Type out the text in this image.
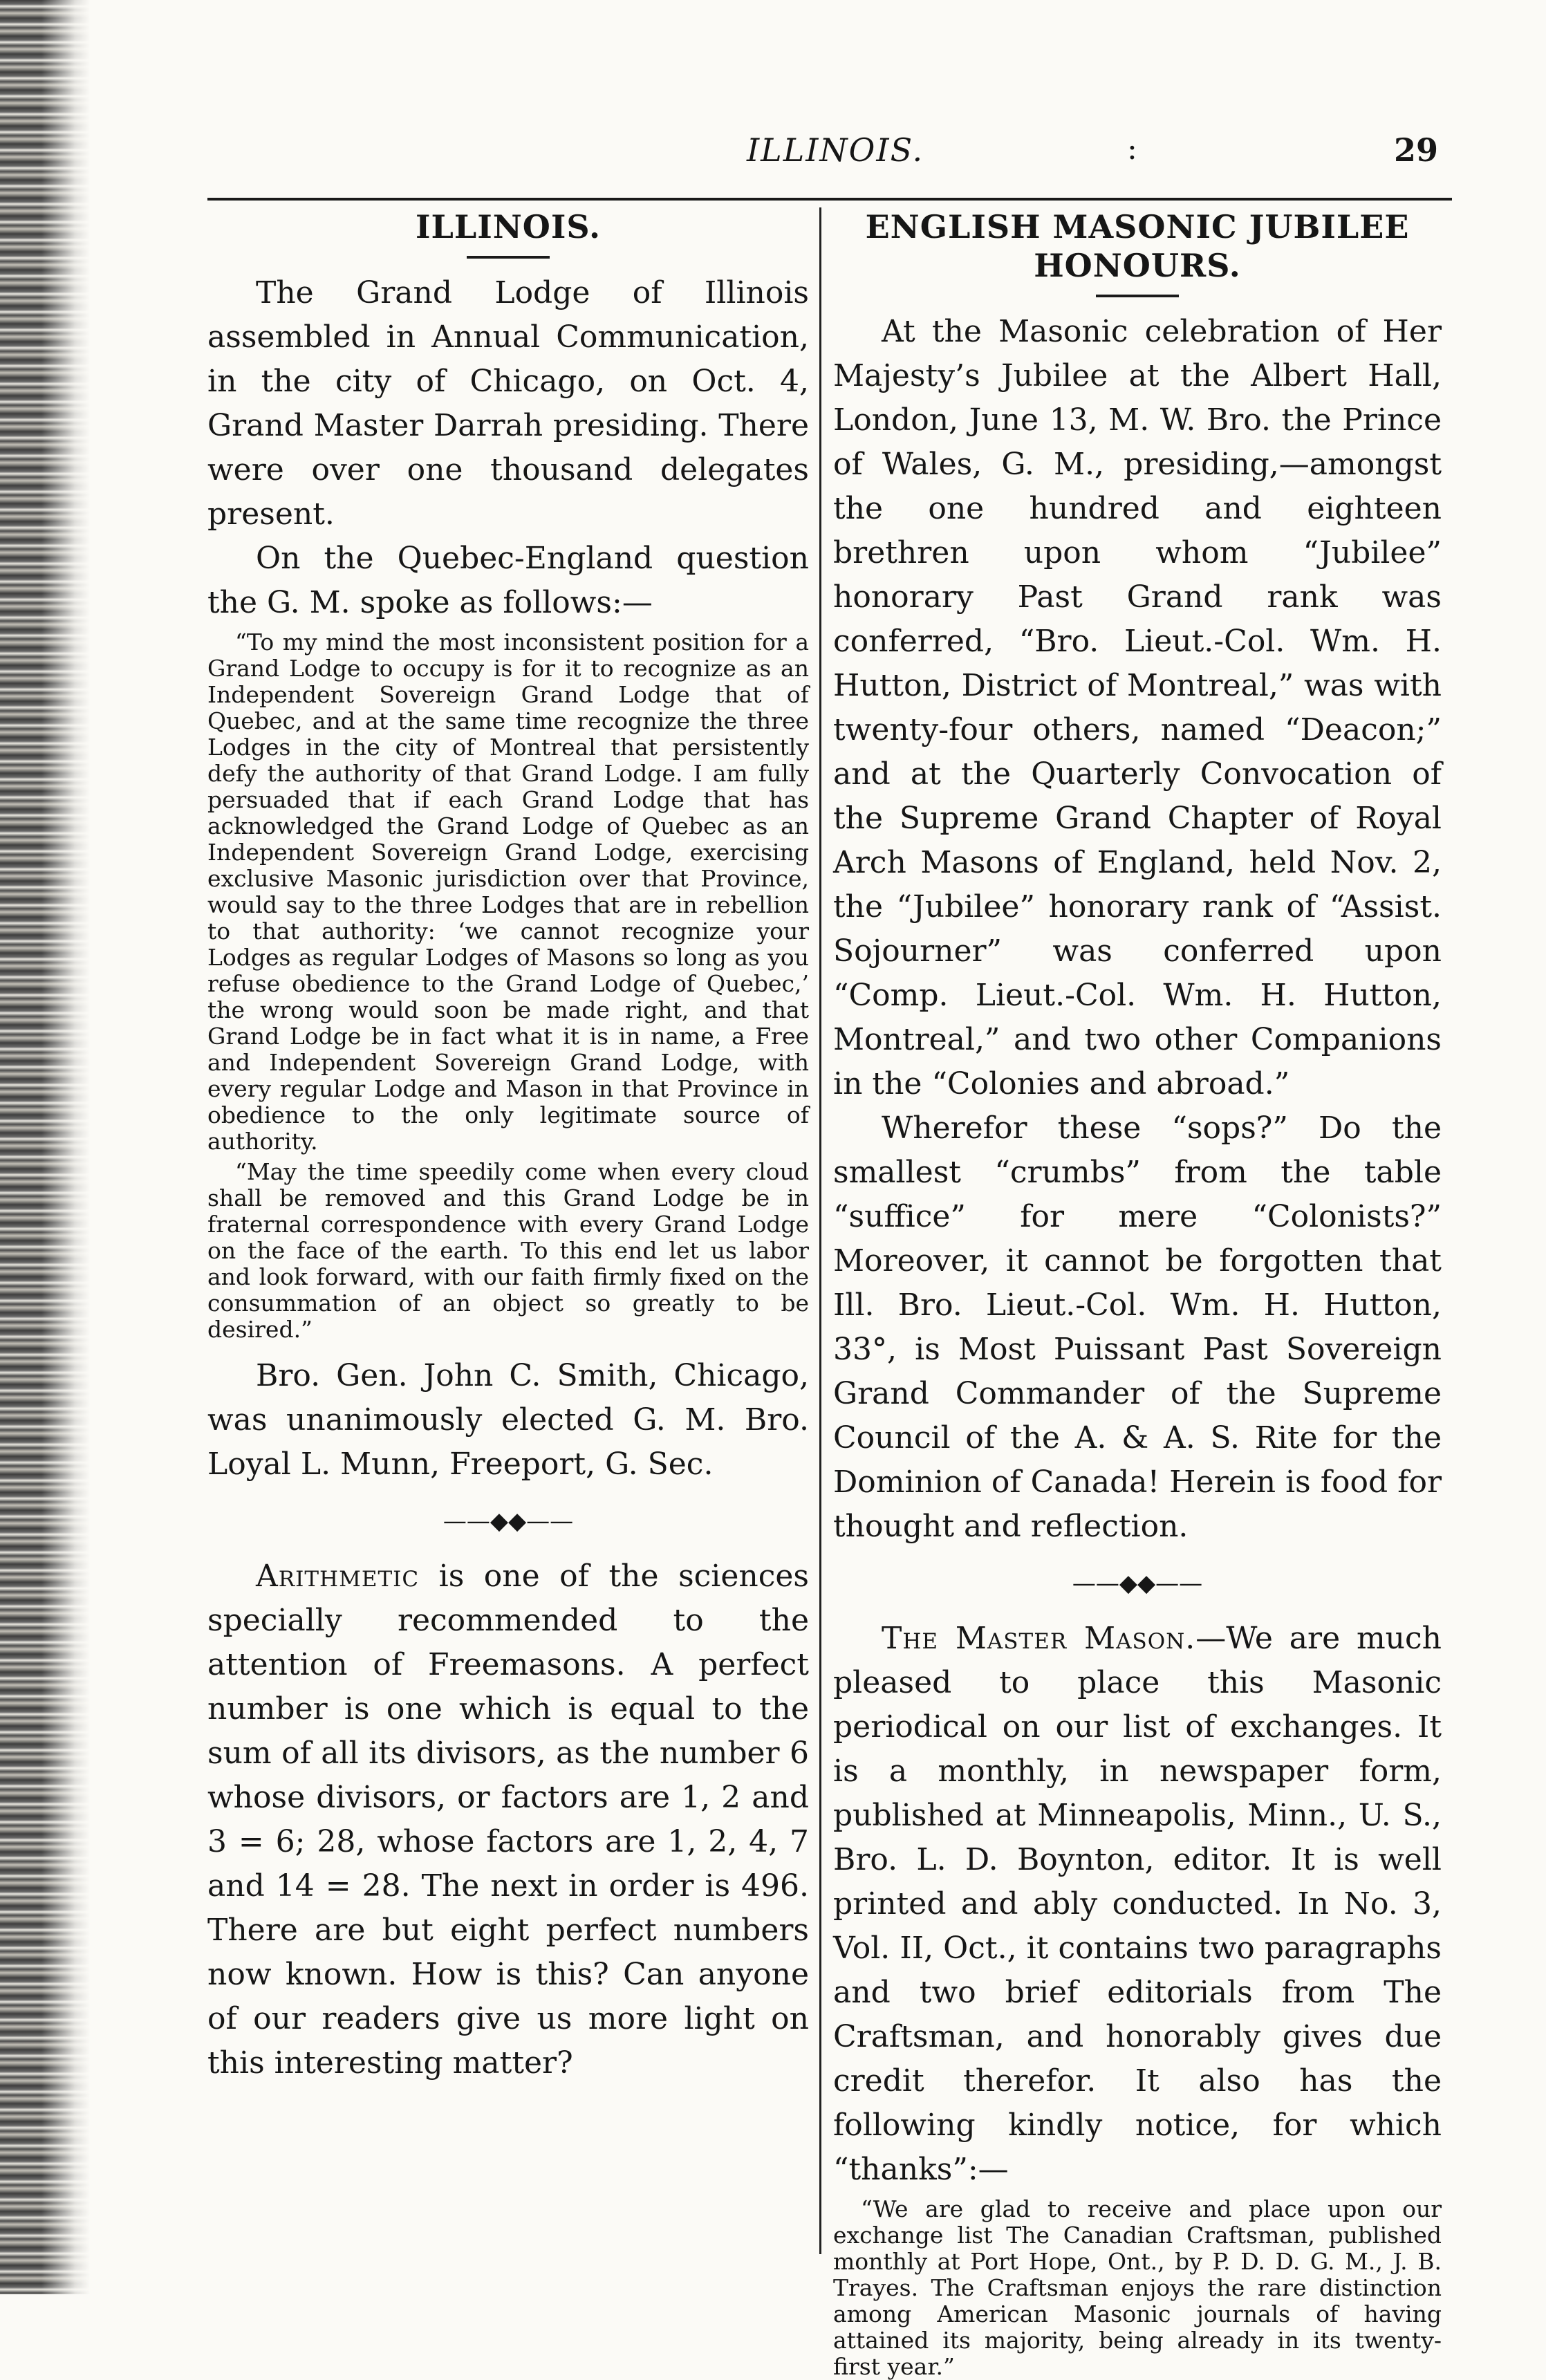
ILLINOIS.	:	29
ILLINOIS.

The Grand Lodge of Illinois assembled in Annual Communication, in the city of Chicago, on Oct. 4, Grand Master Darrah presiding. There were over one thousand delegates present.

On the Quebec-England question the G. M. spoke as follows:—

“To my mind the most inconsistent position for a Grand Lodge to occupy is for it to recognize as an Independent Sovereign Grand Lodge that of Quebec, and at the same time recognize the three Lodges in the city of Montreal that persistently defy the authority of that Grand Lodge. I am fully persuaded that if each Grand Lodge that has acknowledged the Grand Lodge of Quebec as an Independent Sovereign Grand Lodge, exercising exclusive Masonic jurisdiction over that Province, would say to the three Lodges that are in rebellion to that authority: ‘we cannot recognize your Lodges as regular Lodges of Masons so long as you refuse obedience to the Grand Lodge of Quebec,’ the wrong would soon be made right, and that Grand Lodge be in fact what it is in name, a Free and Independent Sovereign Grand Lodge, with every regular Lodge and Mason in that Province in obedience to the only legitimate source of authority.

“May the time speedily come when every cloud shall be removed and this Grand Lodge be in fraternal correspondence with every Grand Lodge on the face of the earth. To this end let us labor and look forward, with our faith firmly fixed on the consummation of an object so greatly to be desired.”

Bro. Gen. John C. Smith, Chicago, was unanimously elected G. M. Bro. Loyal L. Munn, Freeport, G. Sec.

——◆◆——

Arithmetic is one of the sciences specially recommended to the attention of Freemasons. A perfect number is one which is equal to the sum of all its divisors, as the number 6 whose divisors, or factors are 1, 2 and 3 = 6; 28, whose factors are 1, 2, 4, 7 and 14 = 28. The next in order is 496. There are but eight perfect numbers now known. How is this? Can anyone of our readers give us more light on this interesting matter?

ENGLISH MASONIC JUBILEE HONOURS.

At the Masonic celebration of Her Majesty’s Jubilee at the Albert Hall, London, June 13, M. W. Bro. the Prince of Wales, G. M., presiding,—amongst the one hundred and eighteen brethren upon whom “Jubilee” honorary Past Grand rank was conferred, “Bro. Lieut.-Col. Wm. H. Hutton, District of Montreal,” was with twenty-four others, named “Deacon;” and at the Quarterly Convocation of the Supreme Grand Chapter of Royal Arch Masons of England, held Nov. 2, the “Jubilee” honorary rank of “Assist. Sojourner” was conferred upon “Comp. Lieut.-Col. Wm. H. Hutton, Montreal,” and two other Companions in the “Colonies and abroad.”

Wherefor these “sops?” Do the smallest “crumbs” from the table “suffice” for mere “Colonists?” Moreover, it cannot be forgotten that Ill. Bro. Lieut.-Col. Wm. H. Hutton, 33°, is Most Puissant Past Sovereign Grand Commander of the Supreme Council of the A. & A. S. Rite for the Dominion of Canada! Herein is food for thought and reflection.

——◆◆——

The Master Mason.—We are much pleased to place this Masonic periodical on our list of exchanges. It is a monthly, in newspaper form, published at Minneapolis, Minn., U. S., Bro. L. D. Boynton, editor. It is well printed and ably conducted. In No. 3, Vol. II, Oct., it contains two paragraphs and two brief editorials from The Craftsman, and honorably gives due credit therefor. It also has the following kindly notice, for which “thanks”:—

“We are glad to receive and place upon our exchange list The Canadian Craftsman, published monthly at Port Hope, Ont., by P. D. D. G. M., J. B. Trayes. The Craftsman enjoys the rare distinction among American Masonic journals of having attained its majority, being already in its twenty-first year.”
